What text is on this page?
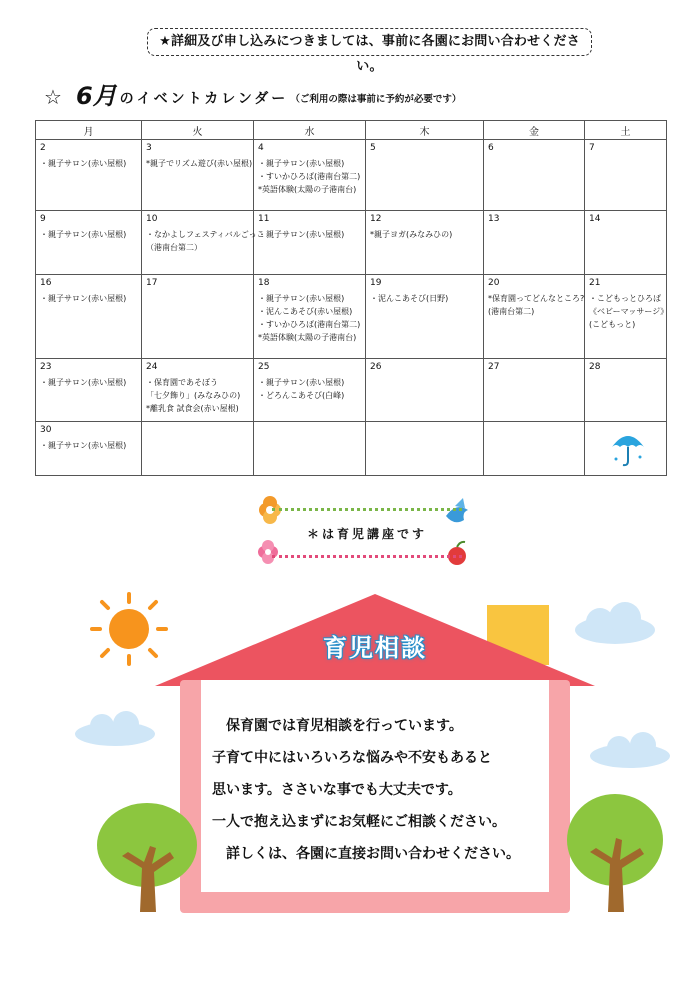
★詳細及び申し込みにつきましては、事前に各園にお問い合わせください。
☆ 6月 のイベントカレンダー （ご利用の際は事前に予約が必要です）
月	火	水	木	金	土

2
・親子サロン(赤い屋根)	3
*親子でリズム遊び(赤い屋根)	4
・親子サロン(赤い屋根)
・すいかひろば(港南台第二)
*英語体験(太陽の子港南台)	5	6	7

9
・親子サロン(赤い屋根)	10
・なかよしフェスティバルごっこ
（港南台第二）	11
・親子サロン(赤い屋根)	12
*親子ヨガ(みなみひの)	13	14

16
・親子サロン(赤い屋根)	17	18
・親子サロン(赤い屋根)
・泥んこあそび(赤い屋根)
・すいかひろば(港南台第二)
*英語体験(太陽の子港南台)	19
・泥んこあそび(日野)	20
*保育園ってどんなところ?
(港南台第二)	21
・こどもっとひろば
《ベビーマッサージ》
(こどもっと)

23
・親子サロン(赤い屋根)	24
・保育園であそぼう
「七夕飾り」(みなみひの)
*離乳食 試食会(赤い屋根)	25
・親子サロン(赤い屋根)
・どろんこあそび(白峰)	26	27	28

30
・親子サロン(赤い屋根)

＊は育児講座です
育児相談
　保育園では育児相談を行っています。
子育て中にはいろいろな悩みや不安もあると
思います。ささいな事でも大丈夫です。
一人で抱え込まずにお気軽にご相談ください。
　詳しくは、各園に直接お問い合わせください。
